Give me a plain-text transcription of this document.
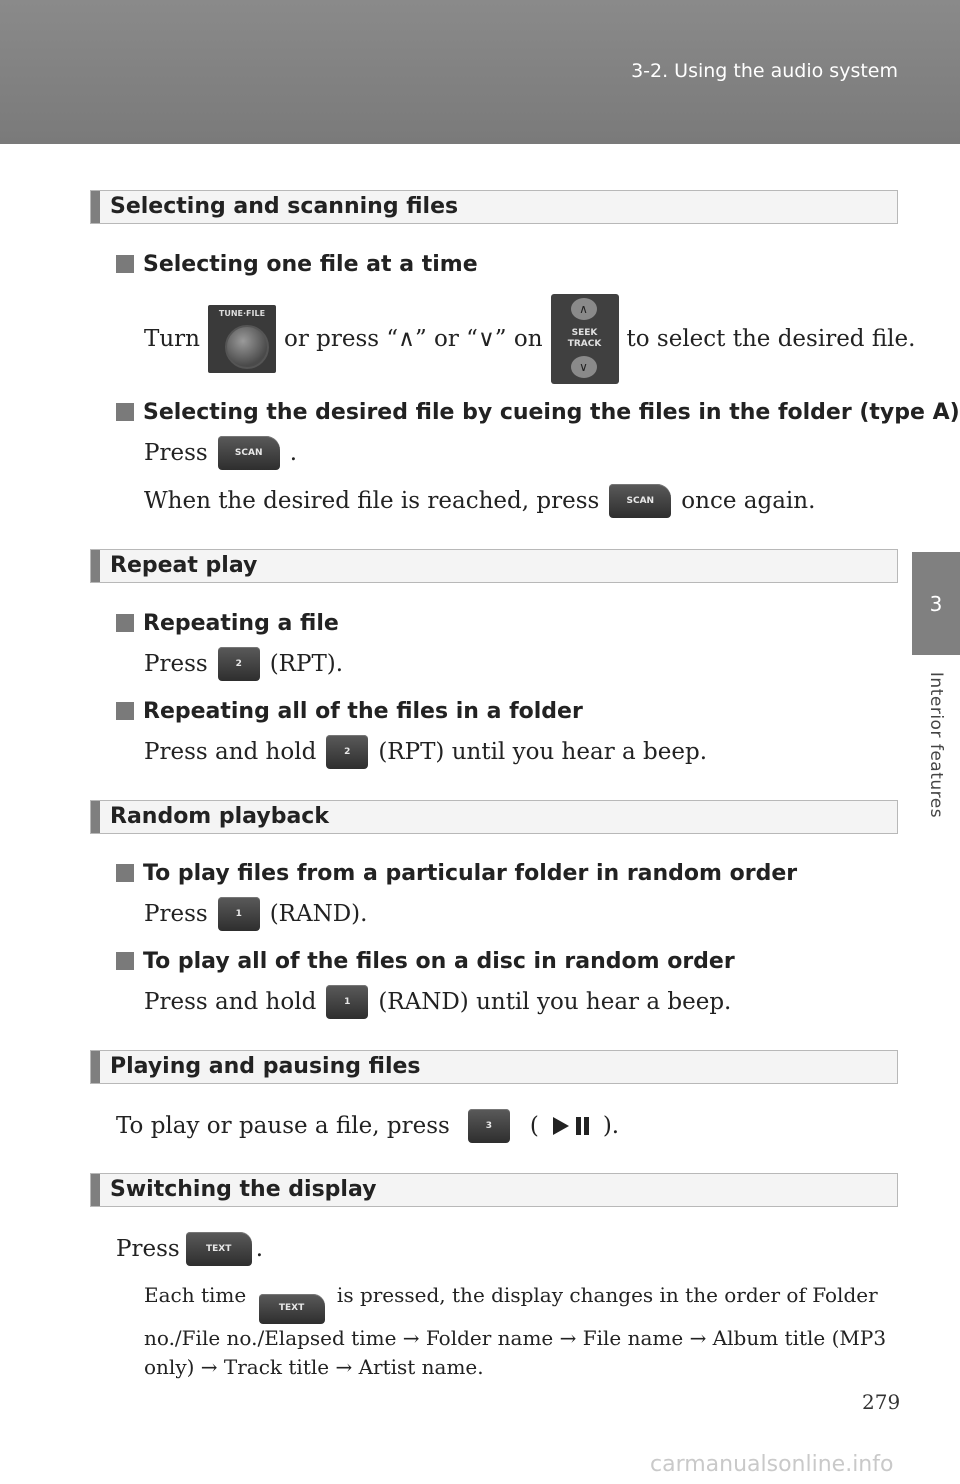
3-2. Using the audio system
3
Interior features
Selecting and scanning files
Selecting one file at a time
Turn
TUNE·FILE
or press “∧” or “∨” on
∧
SEEK
TRACK
∨
to select the desired file.
Selecting the desired file by cueing the files in the folder (type A)
Press	SCAN	.
When the desired file is reached, press	SCAN	once again.
Repeat play
Repeating a file
Press	2	(RPT).
Repeating all of the files in a folder
Press and hold	2	(RPT) until you hear a beep.
Random playback
To play files from a particular folder in random order
Press	1	(RAND).
To play all of the files on a disc in random order
Press and hold	1	(RAND) until you hear a beep.
Playing and pausing files
To play or pause a file, press	3	(	).
Switching the display
Press	TEXT	.
Each time TEXT is pressed, the display changes in the order of Folder no./File no./Elapsed time → Folder name → File name → Album title (MP3 only) → Track title → Artist name.
279
carmanualsonline.info
